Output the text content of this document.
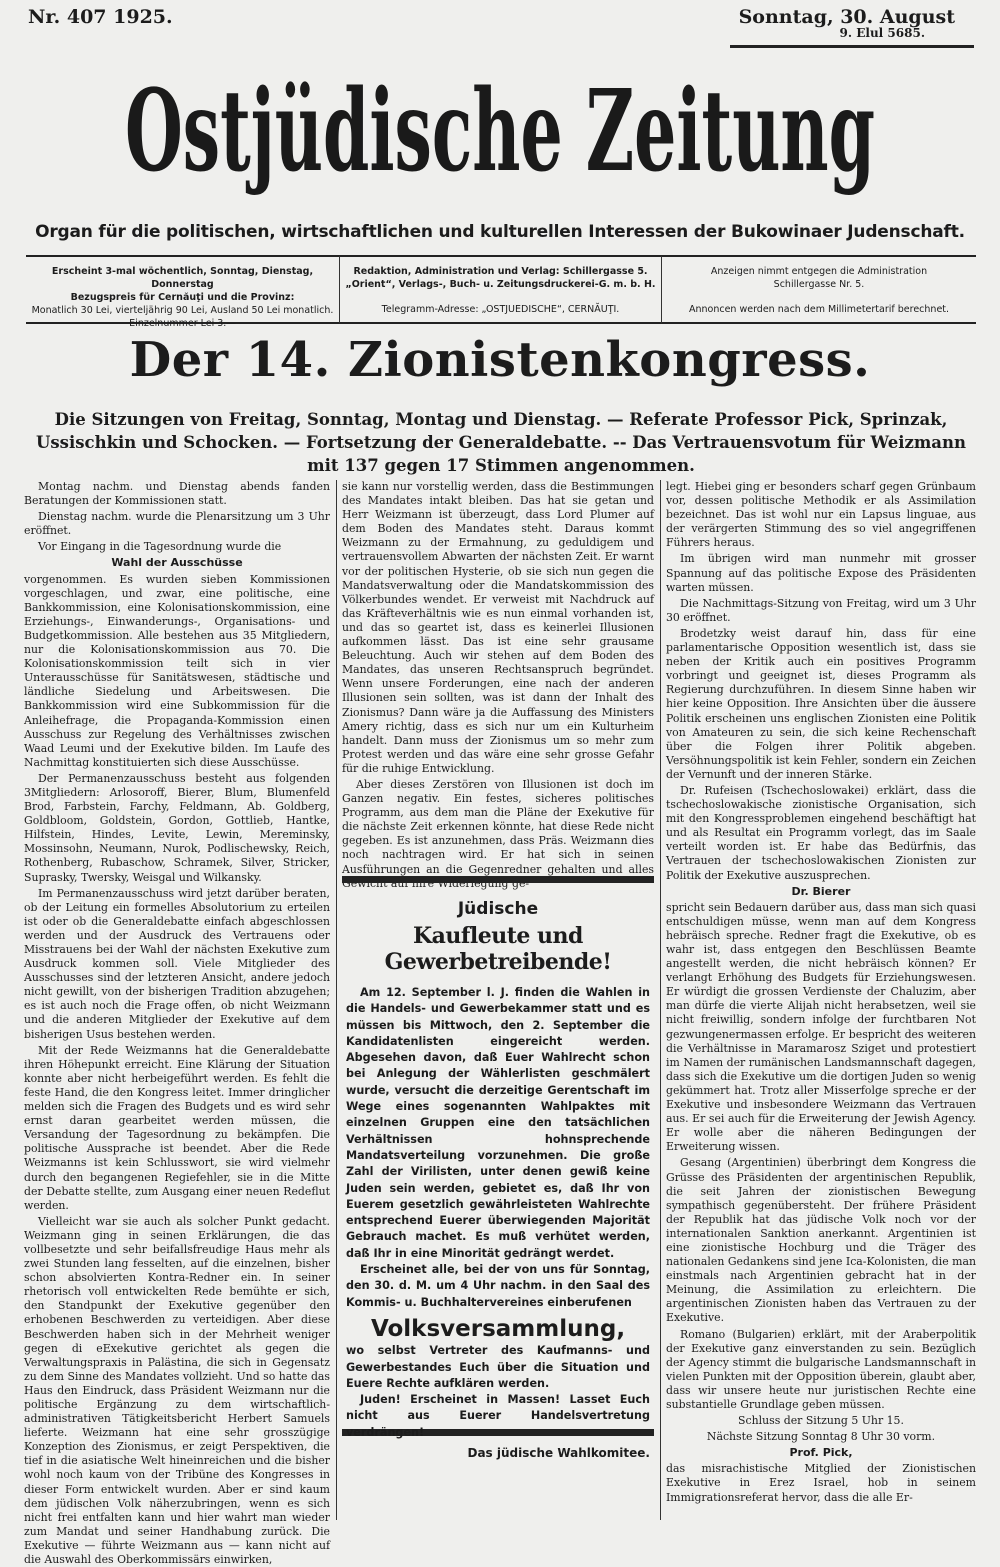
Nr. 407 1925.	Sonntag, 30. August
9. Elul 5685.
Ostjüdische Zeitung
Organ für die politischen, wirtschaftlichen und kulturellen Interessen der Bukowinaer Judenschaft.
Erscheint 3-mal wöchentlich, Sonntag, Dienstag, Donnerstag
Bezugspreis für Cernăuţi und die Provinz:
Monatlich 30 Lei, vierteljährig 90 Lei, Ausland 50 Lei monatlich.
Einzelnummer Lei 3.—
Redaktion, Administration und Verlag: Schillergasse 5.
„Orient“, Verlags-, Buch- u. Zeitungsdruckerei-G. m. b. H.
Telegramm-Adresse: „OSTJUEDISCHE“, CERNĂUŢI.
Anzeigen nimmt entgegen die Administration
Schillergasse Nr. 5.
Annoncen werden nach dem Millimetertarif berechnet.
Der 14. Zionistenkongress.
Die Sitzungen von Freitag, Sonntag, Montag und Dienstag. — Referate Professor Pick, Sprinzak, Ussischkin und Schocken. — Fortsetzung der Generaldebatte. -- Das Vertrauensvotum für Weizmann mit 137 gegen 17 Stimmen angenommen.

Montag nachm. und Dienstag abends fanden Beratungen der Kommissionen statt.

Dienstag nachm. wurde die Plenarsitzung um 3 Uhr eröffnet.

Vor Eingang in die Tagesordnung wurde die

Wahl der Ausschüsse

vorgenommen. Es wurden sieben Kommissionen vorgeschlagen, und zwar, eine politische, eine Bankkommission, eine Kolonisationskommission, eine Erziehungs-, Einwanderungs-, Organisations- und Budgetkommission. Alle bestehen aus 35 Mitgliedern, nur die Kolonisationskommission aus 70. Die Kolonisationskommission teilt sich in vier Unterausschüsse für Sanitätswesen, städtische und ländliche Siedelung und Arbeitswesen. Die Bankkommission wird eine Subkommission für die Anleihefrage, die Propaganda-Kommission einen Ausschuss zur Regelung des Verhältnisses zwischen Waad Leumi und der Exekutive bilden. Im Laufe des Nachmittag konstituierten sich diese Ausschüsse.

Der Permanenzausschuss besteht aus folgenden 3Mitgliedern: Arlosoroff, Bierer, Blum, Blumenfeld Brod, Farbstein, Farchy, Feldmann, Ab. Goldberg, Goldbloom, Goldstein, Gordon, Gottlieb, Hantke, Hilfstein, Hindes, Levite, Lewin, Mereminsky, Mossinsohn, Neumann, Nurok, Podlischewsky, Reich, Rothenberg, Rubaschow, Schramek, Silver, Stricker, Suprasky, Twersky, Weisgal und Wilkansky.

Im Permanenzausschuss wird jetzt darüber beraten, ob der Leitung ein formelles Absolutorium zu erteilen ist oder ob die Generaldebatte einfach abgeschlossen werden und der Ausdruck des Vertrauens oder Misstrauens bei der Wahl der nächsten Exekutive zum Ausdruck kommen soll. Viele Mitglieder des Ausschusses sind der letzteren Ansicht, andere jedoch nicht gewillt, von der bisherigen Tradition abzugehen; es ist auch noch die Frage offen, ob nicht Weizmann und die anderen Mitglieder der Exekutive auf dem bisherigen Usus bestehen werden.

Mit der Rede Weizmanns hat die Generaldebatte ihren Höhepunkt erreicht. Eine Klärung der Situation konnte aber nicht herbeigeführt werden. Es fehlt die feste Hand, die den Kongress leitet. Immer dringlicher melden sich die Fragen des Budgets und es wird sehr ernst daran gearbeitet werden müssen, die Versandung der Tagesordnung zu bekämpfen. Die politische Aussprache ist beendet. Aber die Rede Weizmanns ist kein Schlusswort, sie wird vielmehr durch den begangenen Regiefehler, sie in die Mitte der Debatte stellte, zum Ausgang einer neuen Redeflut werden.

Vielleicht war sie auch als solcher Punkt gedacht. Weizmann ging in seinen Erklärungen, die das vollbesetzte und sehr beifallsfreudige Haus mehr als zwei Stunden lang fesselten, auf die einzelnen, bisher schon absolvierten Kontra-Redner ein. In seiner rhetorisch voll entwickelten Rede bemühte er sich, den Standpunkt der Exekutive gegenüber den erhobenen Beschwerden zu verteidigen. Aber diese Beschwerden haben sich in der Mehrheit weniger gegen di eExekutive gerichtet als gegen die Verwaltungspraxis in Palästina, die sich in Gegensatz zu dem Sinne des Mandates vollzieht. Und so hatte das Haus den Eindruck, dass Präsident Weizmann nur die politische Ergänzung zu dem wirtschaftlich-administrativen Tätigkeitsbericht Herbert Samuels lieferte. Weizmann hat eine sehr grosszügige Konzeption des Zionismus, er zeigt Perspektiven, die tief in die asiatische Welt hineinreichen und die bisher wohl noch kaum von der Tribüne des Kongresses in dieser Form entwickelt wurden. Aber er sind kaum dem jüdischen Volk näherzubringen, wenn es sich nicht frei entfalten kann und hier wahrt man wieder zum Mandat und seiner Handhabung zurück. Die Exekutive — führte Weizmann aus — kann nicht auf die Auswahl des Oberkommissärs einwirken,

sie kann nur vorstellig werden, dass die Bestimmungen des Mandates intakt bleiben. Das hat sie getan und Herr Weizmann ist überzeugt, dass Lord Plumer auf dem Boden des Mandates steht. Daraus kommt Weizmann zu der Ermahnung, zu geduldigem und vertrauensvollem Abwarten der nächsten Zeit. Er warnt vor der politischen Hysterie, ob sie sich nun gegen die Mandatsverwaltung oder die Mandatskommission des Völkerbundes wendet. Er verweist mit Nachdruck auf das Kräfteverhältnis wie es nun einmal vorhanden ist, und das so geartet ist, dass es keinerlei Illusionen aufkommen lässt. Das ist eine sehr grausame Beleuchtung. Auch wir stehen auf dem Boden des Mandates, das unseren Rechtsanspruch begründet. Wenn unsere Forderungen, eine nach der anderen Illusionen sein sollten, was ist dann der Inhalt des Zionismus? Dann wäre ja die Auffassung des Ministers Amery richtig, dass es sich nur um ein Kulturheim handelt. Dann muss der Zionismus um so mehr zum Protest werden und das wäre eine sehr grosse Gefahr für die ruhige Entwicklung.

Aber dieses Zerstören von Illusionen ist doch im Ganzen negativ. Ein festes, sicheres politisches Programm, aus dem man die Pläne der Exekutive für die nächste Zeit erkennen könnte, hat diese Rede nicht gegeben. Es ist anzunehmen, dass Präs. Weizmann dies noch nachtragen wird. Er hat sich in seinen Ausführungen an die Gegenredner gehalten und alles Gewicht auf ihre Widerlegung ge-

Jüdische
Kaufleute und Gewerbetreibende!

Am 12. September l. J. finden die Wahlen in die Handels- und Gewerbekammer statt und es müssen bis Mittwoch, den 2. September die Kandidatenlisten eingereicht werden. Abgesehen davon, daß Euer Wahlrecht schon bei Anlegung der Wählerlisten geschmälert wurde, versucht die derzeitige Gerentschaft im Wege eines sogenannten Wahlpaktes mit einzelnen Gruppen eine den tatsächlichen Verhältnissen hohnsprechende Mandatsverteilung vorzunehmen. Die große Zahl der Virilisten, unter denen gewiß keine Juden sein werden, gebietet es, daß Ihr von Euerem gesetzlich gewährleisteten Wahlrechte entsprechend Euerer überwiegenden Majorität Gebrauch machet. Es muß verhütet werden, daß Ihr in eine Minorität gedrängt werdet.

Erscheinet alle, bei der von uns für Sonntag, den 30. d. M. um 4 Uhr nachm. in den Saal des Kommis- u. Buchhaltervereines einberufenen

Volksversammlung,

wo selbst Vertreter des Kaufmanns- und Gewerbestandes Euch über die Situation und Euere Rechte aufklären werden.

Juden! Erscheinet in Massen! Lasset Euch nicht aus Euerer Handelsvertretung verdrängen!

Das jüdische Wahlkomitee.

legt. Hiebei ging er besonders scharf gegen Grünbaum vor, dessen politische Methodik er als Assimilation bezeichnet. Das ist wohl nur ein Lapsus linguae, aus der verärgerten Stimmung des so viel angegriffenen Führers heraus.

Im übrigen wird man nunmehr mit grosser Spannung auf das politische Expose des Präsidenten warten müssen.

Die Nachmittags-Sitzung von Freitag, wird um 3 Uhr 30 eröffnet.

Brodetzky weist darauf hin, dass für eine parlamentarische Opposition wesentlich ist, dass sie neben der Kritik auch ein positives Programm vorbringt und geeignet ist, dieses Programm als Regierung durchzuführen. In diesem Sinne haben wir hier keine Opposition. Ihre Ansichten über die äussere Politik erscheinen uns englischen Zionisten eine Politik von Amateuren zu sein, die sich keine Rechenschaft über die Folgen ihrer Politik abgeben. Versöhnungspolitik ist kein Fehler, sondern ein Zeichen der Vernunft und der inneren Stärke.

Dr. Rufeisen (Tschechoslowakei) erklärt, dass die tschechoslowakische zionistische Organisation, sich mit den Kongressproblemen eingehend beschäftigt hat und als Resultat ein Programm vorlegt, das im Saale verteilt worden ist. Er habe das Bedürfnis, das Vertrauen der tschechoslowakischen Zionisten zur Politik der Exekutive auszusprechen.

Dr. Bierer

spricht sein Bedauern darüber aus, dass man sich quasi entschuldigen müsse, wenn man auf dem Kongress hebräisch spreche. Redner fragt die Exekutive, ob es wahr ist, dass entgegen den Beschlüssen Beamte angestellt werden, die nicht hebräisch können? Er verlangt Erhöhung des Budgets für Erziehungswesen. Er würdigt die grossen Verdienste der Chaluzim, aber man dürfe die vierte Alijah nicht herabsetzen, weil sie nicht freiwillig, sondern infolge der furchtbaren Not gezwungenermassen erfolge. Er bespricht des weiteren die Verhältnisse in Maramarosz Sziget und protestiert im Namen der rumänischen Landsmannschaft dagegen, dass sich die Exekutive um die dortigen Juden so wenig gekümmert hat. Trotz aller Misserfolge spreche er der Exekutive und insbesondere Weizmann das Vertrauen aus. Er sei auch für die Erweiterung der Jewish Agency. Er wolle aber die näheren Bedingungen der Erweiterung wissen.

Gesang (Argentinien) überbringt dem Kongress die Grüsse des Präsidenten der argentinischen Republik, die seit Jahren der zionistischen Bewegung sympathisch gegenübersteht. Der frühere Präsident der Republik hat das jüdische Volk noch vor der internationalen Sanktion anerkannt. Argentinien ist eine zionistische Hochburg und die Träger des nationalen Gedankens sind jene Ica-Kolonisten, die man einstmals nach Argentinien gebracht hat in der Meinung, die Assimilation zu erleichtern. Die argentinischen Zionisten haben das Vertrauen zu der Exekutive.

Romano (Bulgarien) erklärt, mit der Araberpolitik der Exekutive ganz einverstanden zu sein. Bezüglich der Agency stimmt die bulgarische Landsmannschaft in vielen Punkten mit der Opposition überein, glaubt aber, dass wir unsere heute nur juristischen Rechte eine substantielle Grundlage geben müssen.

Schluss der Sitzung 5 Uhr 15.

Nächste Sitzung Sonntag 8 Uhr 30 vorm.

Prof. Pick,

das misrachistische Mitglied der Zionistischen Exekutive in Erez Israel, hob in seinem Immigrationsreferat hervor, dass die alle Er-
